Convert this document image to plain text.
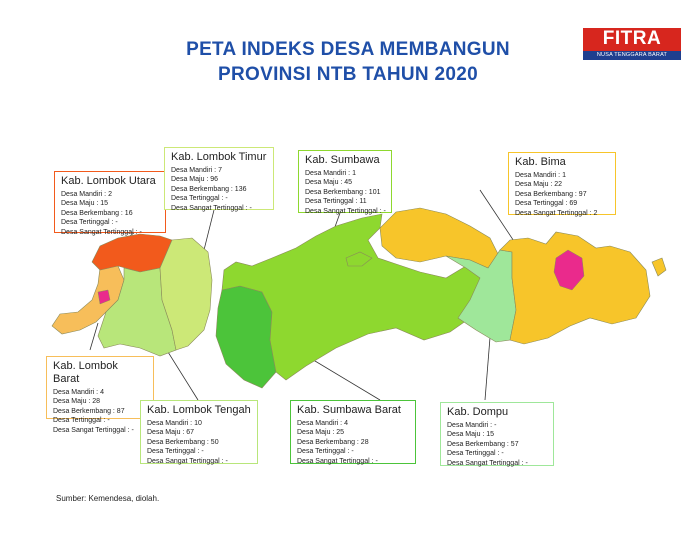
PETA INDEKS DESA MEMBANGUN
PROVINSI NTB TAHUN 2020
FITRA
NUSA TENGGARA BARAT
Kab. Lombok Utara
Desa Mandiri : 2
Desa Maju : 15
Desa Berkembang : 16
Desa Tertinggal : -
Desa Sangat Tertinggal : -
Kab. Lombok Timur
Desa Mandiri : 7
Desa Maju : 96
Desa Berkembang : 136
Desa Tertinggal : -
Desa Sangat Tertinggal : -
Kab. Sumbawa
Desa Mandiri : 1
Desa Maju : 45
Desa Berkembang : 101
Desa Tertinggal : 11
Desa Sangat Tertinggal : -
Kab. Bima
Desa Mandiri : 1
Desa Maju : 22
Desa Berkembang : 97
Desa Tertinggal : 69
Desa Sangat Tertinggal : 2
Kab. Lombok Barat
Desa Mandiri : 4
Desa Maju : 28
Desa Berkembang : 87
Desa Tertinggal : -
Desa Sangat Tertinggal : -
Kab. Lombok Tengah
Desa Mandiri : 10
Desa Maju : 67
Desa Berkembang : 50
Desa Tertinggal : -
Desa Sangat Tertinggal : -
Kab. Sumbawa Barat
Desa Mandiri : 4
Desa Maju : 25
Desa Berkembang : 28
Desa Tertinggal : -
Desa Sangat Tertinggal : -
Kab. Dompu
Desa Mandiri : -
Desa Maju : 15
Desa Berkembang : 57
Desa Tertinggal : -
Desa Sangat Tertinggal : -
Sumber: Kemendesa, diolah.
